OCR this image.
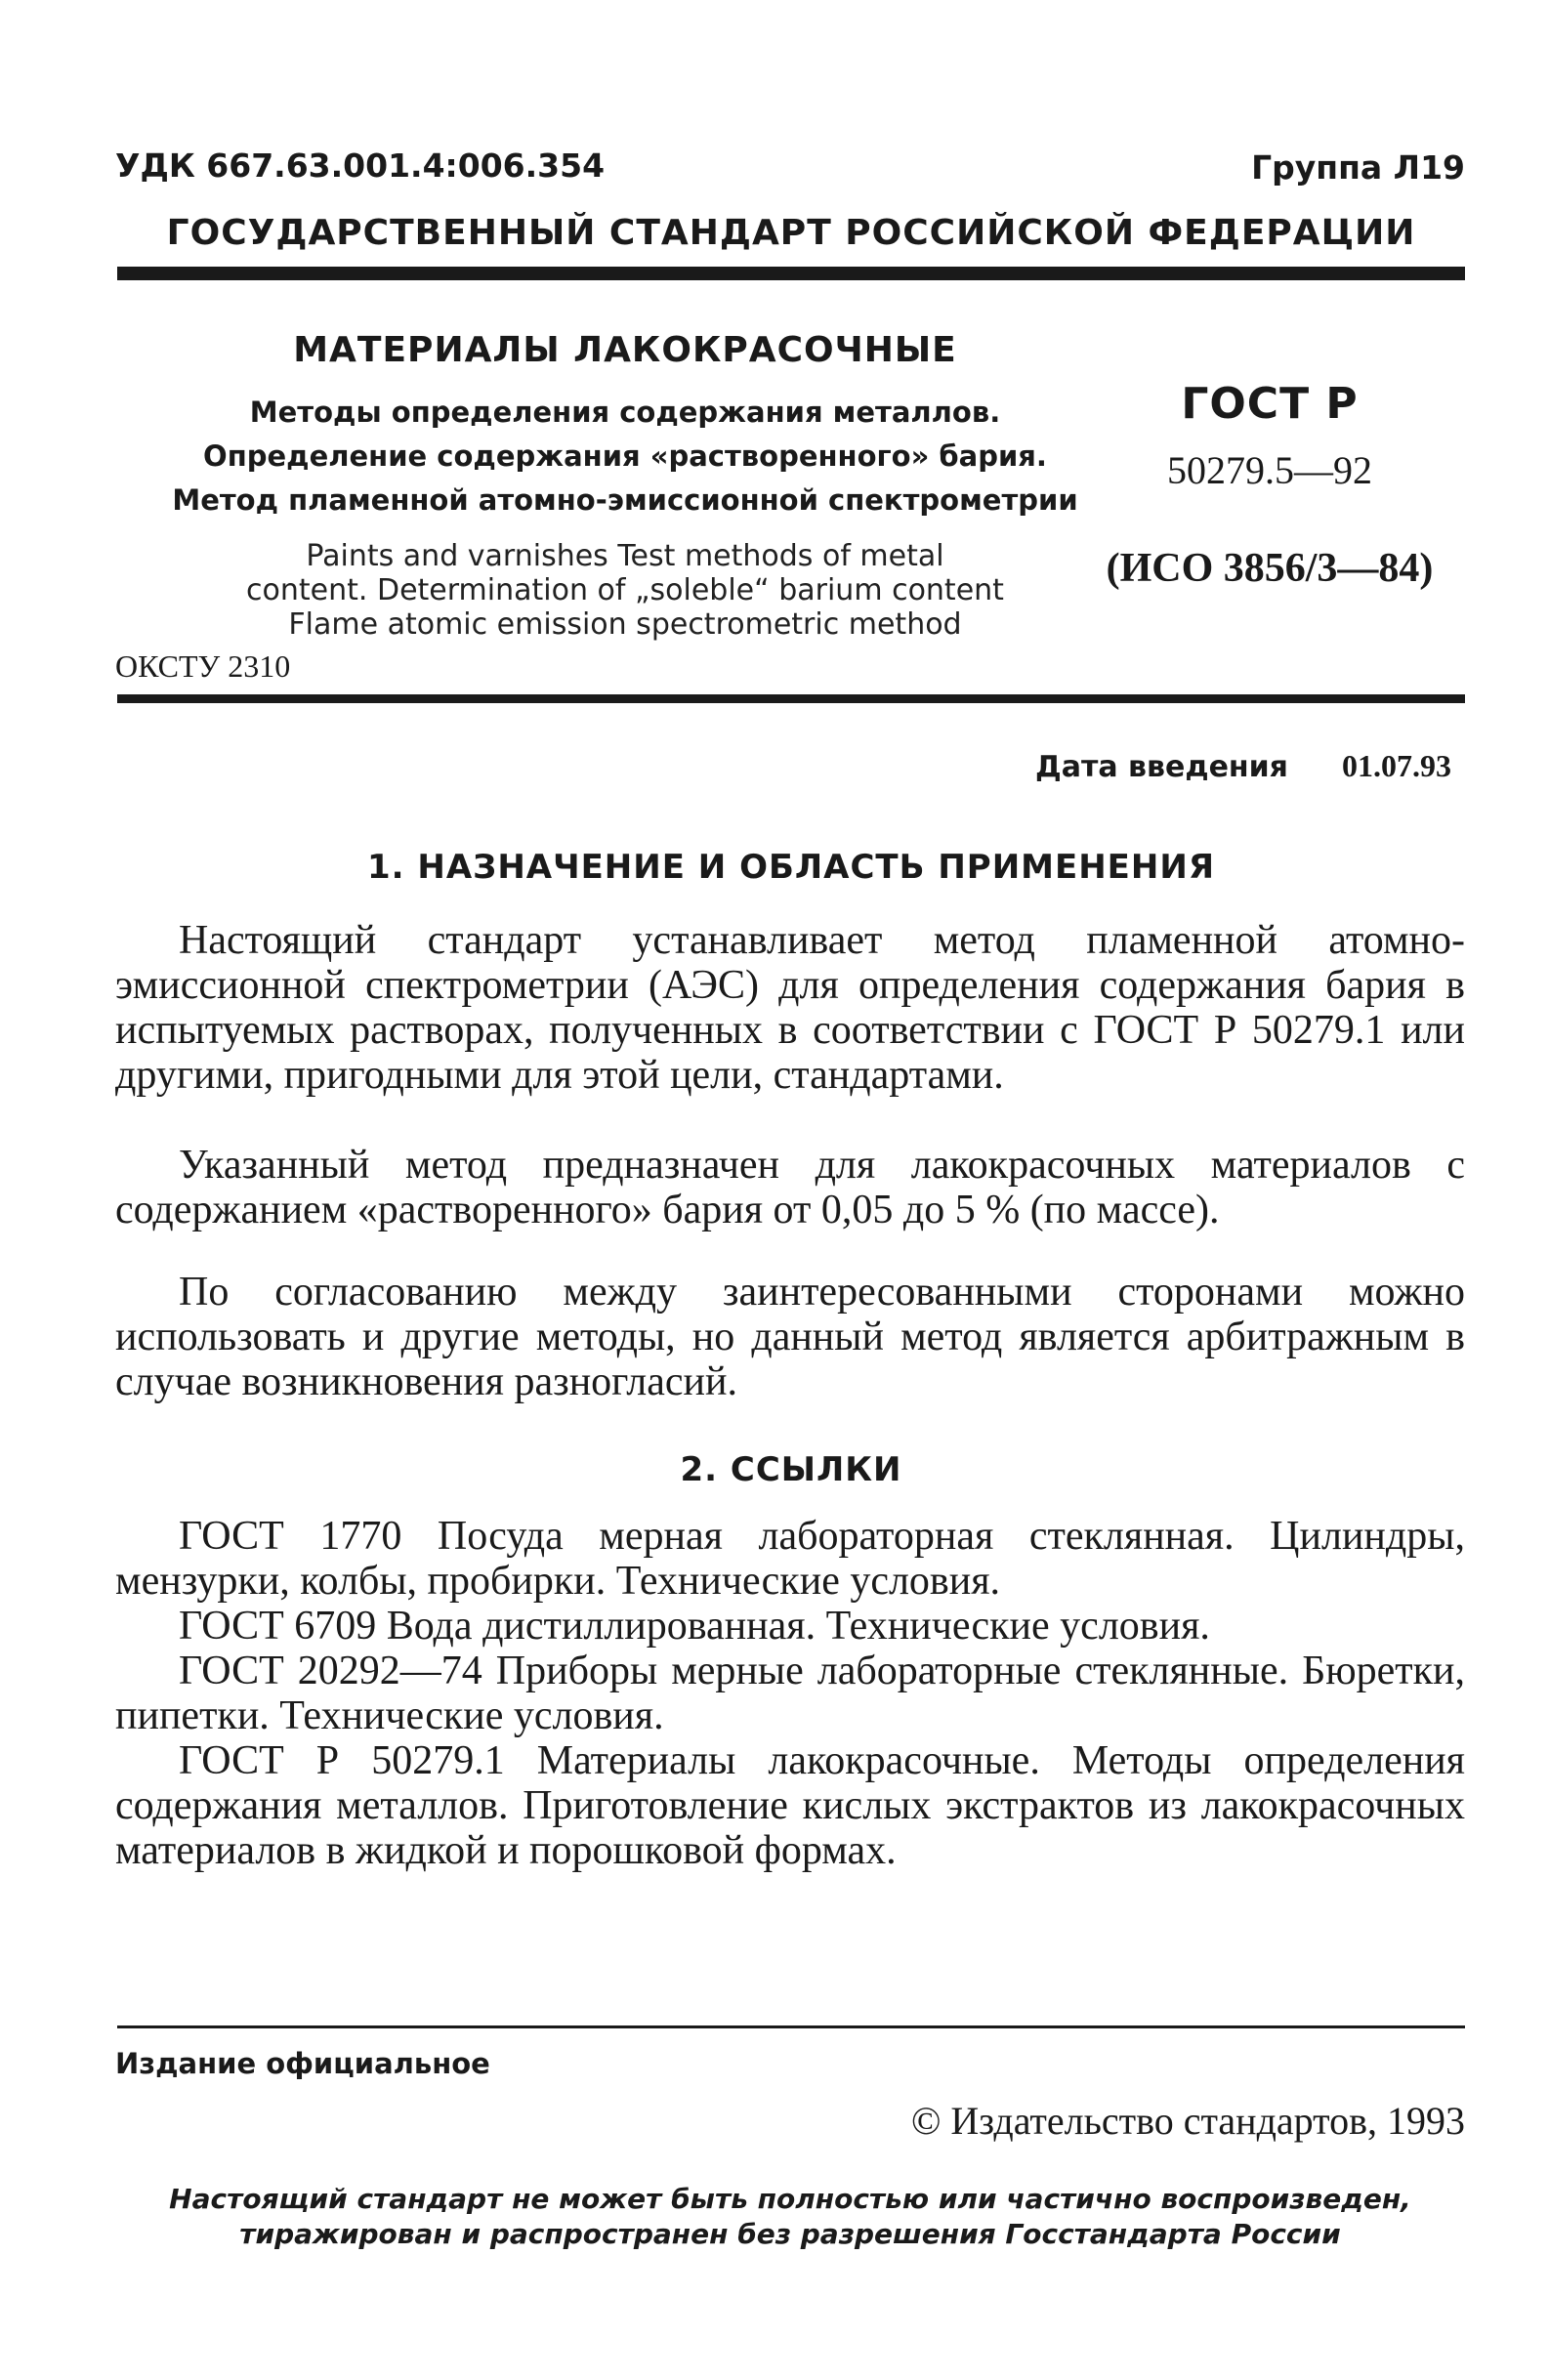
УДК 667.63.001.4:006.354	Группа Л19
ГОСУДАРСТВЕННЫЙ СТАНДАРТ РОССИЙСКОЙ ФЕДЕРАЦИИ
МАТЕРИАЛЫ ЛАКОКРАСОЧНЫЕ
Методы определения содержания металлов.
Определение содержания «растворенного» бария.
Метод пламенной атомно-эмиссионной спектрометрии
Paints and varnishes Test methods of metal
content. Determination of „soleble“ barium content
Flame atomic emission spectrometric method
ОКСТУ 2310
ГОСТ Р
50279.5—92
(ИСО 3856/3—84)
Дата введения 01.07.93
1. НАЗНАЧЕНИЕ И ОБЛАСТЬ ПРИМЕНЕНИЯ

Настоящий стандарт устанавливает метод пламенной атомно-эмиссионной спектрометрии (АЭС) для определения содержания бария в испытуемых растворах, полученных в соответствии с ГОСТ Р 50279.1 или другими, пригодными для этой цели, стандартами.

Указанный метод предназначен для лакокрасочных материалов с содержанием «растворенного» бария от 0,05 до 5 % (по массе).

По согласованию между заинтересованными сторонами можно использовать и другие методы, но данный метод является арбитражным в случае возникновения разногласий.

2. ССЫЛКИ

ГОСТ 1770 Посуда мерная лабораторная стеклянная. Цилиндры, мензурки, колбы, пробирки. Технические условия.

ГОСТ 6709 Вода дистиллированная. Технические условия.

ГОСТ 20292—74 Приборы мерные лабораторные стеклянные. Бюретки, пипетки. Технические условия.

ГОСТ Р 50279.1 Материалы лакокрасочные. Методы определения содержания металлов. Приготовление кислых экстрактов из лакокрасочных материалов в жидкой и порошковой формах.

Издание официальное
© Издательство стандартов, 1993
Настоящий стандарт не может быть полностью или частично воспроизведен,
тиражирован и распространен без разрешения Госстандарта России
